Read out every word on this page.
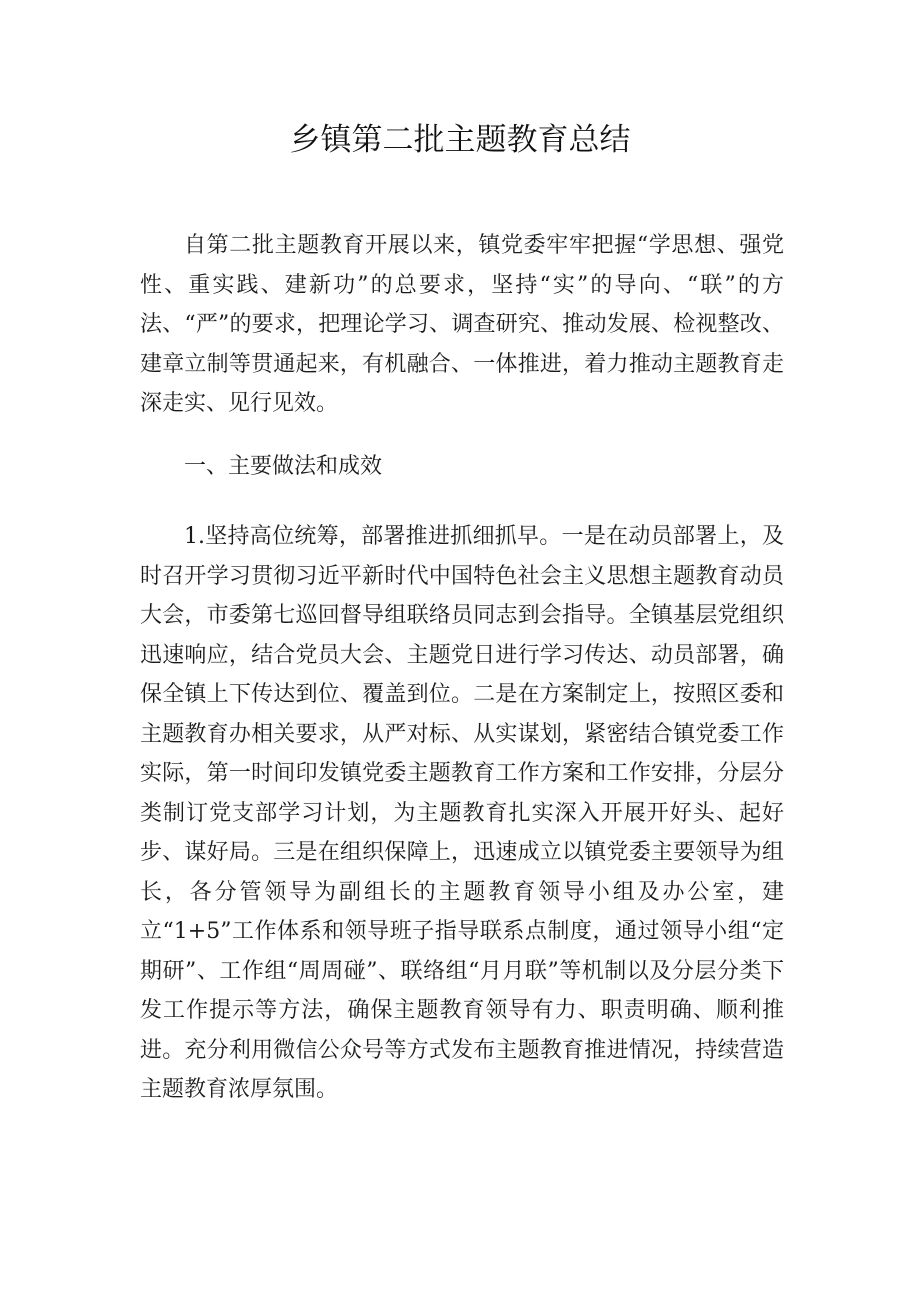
乡镇第二批主题教育总结

自第二批主题教育开展以来，镇党委牢牢把握“学思想、强党性、重实践、建新功”的总要求，坚持“实”的导向、“联”的方法、“严”的要求，把理论学习、调查研究、推动发展、检视整改、建章立制等贯通起来，有机融合、一体推进，着力推动主题教育走深走实、见行见效。

一、主要做法和成效

1.坚持高位统筹，部署推进抓细抓早。一是在动员部署上，及时召开学习贯彻习近平新时代中国特色社会主义思想主题教育动员大会，市委第七巡回督导组联络员同志到会指导。全镇基层党组织迅速响应，结合党员大会、主题党日进行学习传达、动员部署，确保全镇上下传达到位、覆盖到位。二是在方案制定上，按照区委和主题教育办相关要求，从严对标、从实谋划，紧密结合镇党委工作实际，第一时间印发镇党委主题教育工作方案和工作安排，分层分类制订党支部学习计划，为主题教育扎实深入开展开好头、起好步、谋好局。三是在组织保障上，迅速成立以镇党委主要领导为组长，各分管领导为副组长的主题教育领导小组及办公室，建立“1+5”工作体系和领导班子指导联系点制度，通过领导小组“定期研”、工作组“周周碰”、联络组“月月联”等机制以及分层分类下发工作提示等方法，确保主题教育领导有力、职责明确、顺利推进。充分利用微信公众号等方式发布主题教育推进情况，持续营造主题教育浓厚氛围。
